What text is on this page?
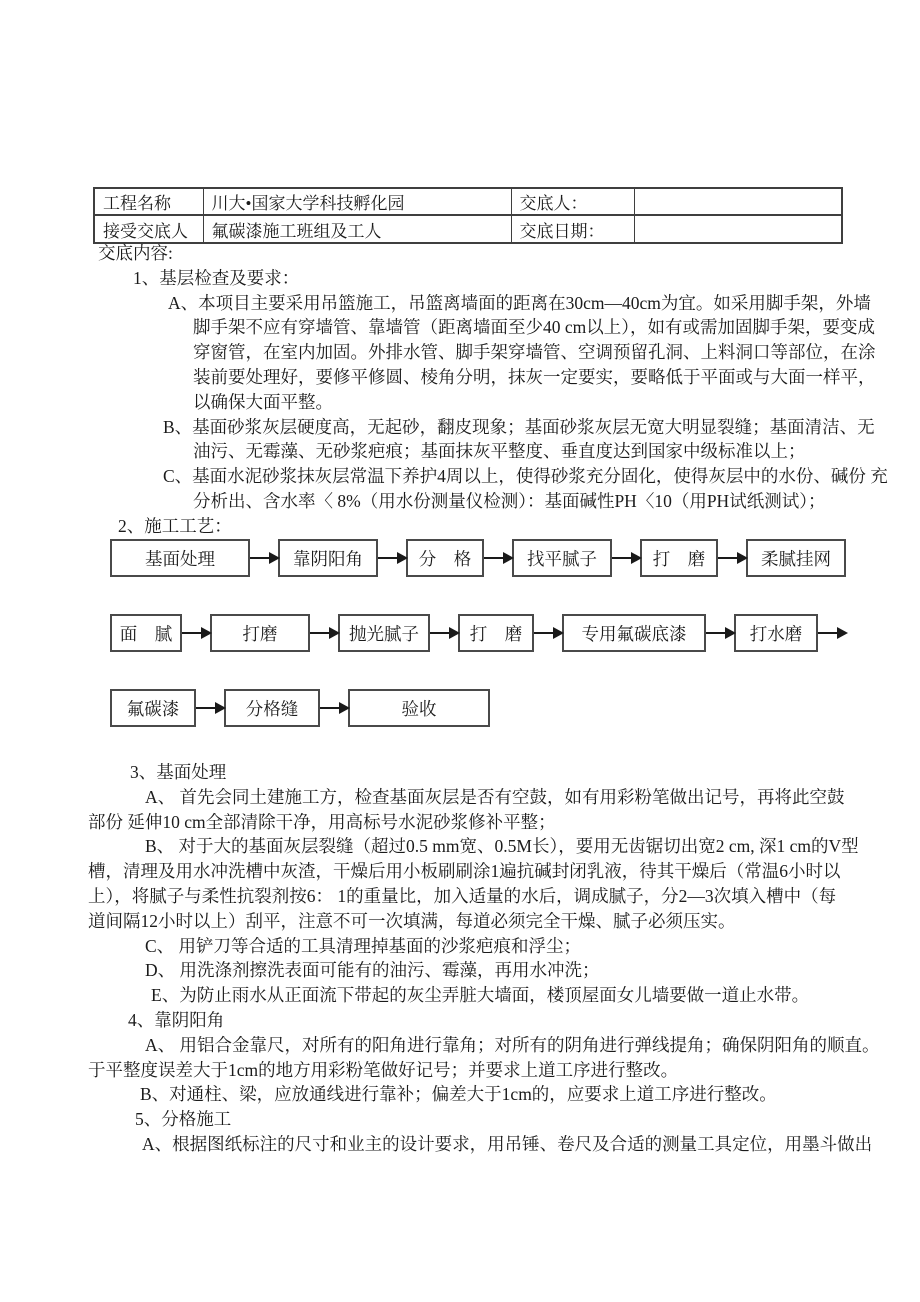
工程名称	川大•国家大学科技孵化园	交底人：	
接受交底人	氟碳漆施工班组及工人	交底日期：	
交底内容:
1、基层检查及要求：
A、本项目主要采用吊篮施工，吊篮离墙面的距离在30cm—40cm为宜。如采用脚手架，外墙
脚手架不应有穿墙管、靠墙管（距离墙面至少40 cm以上），如有或需加固脚手架，要变成
穿窗管，在室内加固。外排水管、脚手架穿墙管、空调预留孔洞、上料洞口等部位，在涂
装前要处理好，要修平修圆、棱角分明，抹灰一定要实，要略低于平面或与大面一样平，
以确保大面平整。
B、基面砂浆灰层硬度高，无起砂，翻皮现象；基面砂浆灰层无宽大明显裂缝；基面清洁、无
油污、无霉藻、无砂浆疤痕；基面抹灰平整度、垂直度达到国家中级标准以上；
C、基面水泥砂浆抹灰层常温下养护4周以上，使得砂浆充分固化，使得灰层中的水份、碱份 充
分析出、含水率〈 8%（用水份测量仪检测）：基面碱性PH〈10（用PH试纸测试）；
2、施工工艺：
基面处理	靠阴阳角	分　格	找平腻子	打　磨	柔腻挂网
面　腻	打磨	抛光腻子	打　磨	专用氟碳底漆	打水磨
氟碳漆	分格缝	验收
3、基面处理
A、 首先会同土建施工方，检查基面灰层是否有空鼓，如有用彩粉笔做出记号，再将此空鼓
部份 延伸10 cm全部清除干净，用高标号水泥砂浆修补平整；
B、 对于大的基面灰层裂缝（超过0.5 mm宽、0.5M长），要用无齿锯切出宽2 cm, 深1 cm的V型
槽，清理及用水冲洗槽中灰渣，干燥后用小板刷刷涂1遍抗碱封闭乳液，待其干燥后（常温6小时以
上），将腻子与柔性抗裂剂按6： 1的重量比，加入适量的水后，调成腻子，分2—3次填入槽中（每
道间隔12小时以上）刮平，注意不可一次填满，每道必须完全干燥、腻子必须压实。
C、 用铲刀等合适的工具清理掉基面的沙浆疤痕和浮尘；
D、 用洗涤剂擦洗表面可能有的油污、霉藻，再用水冲洗；
E、为防止雨水从正面流下带起的灰尘弄脏大墙面，楼顶屋面女儿墙要做一道止水带。
4、靠阴阳角
A、 用铝合金靠尺，对所有的阳角进行靠角；对所有的阴角进行弹线提角；确保阴阳角的顺直。
于平整度误差大于1cm的地方用彩粉笔做好记号；并要求上道工序进行整改。
B、对通柱、梁，应放通线进行靠补；偏差大于1cm的，应要求上道工序进行整改。
5、分格施工
A、根据图纸标注的尺寸和业主的设计要求，用吊锤、卷尺及合适的测量工具定位，用墨斗做出
